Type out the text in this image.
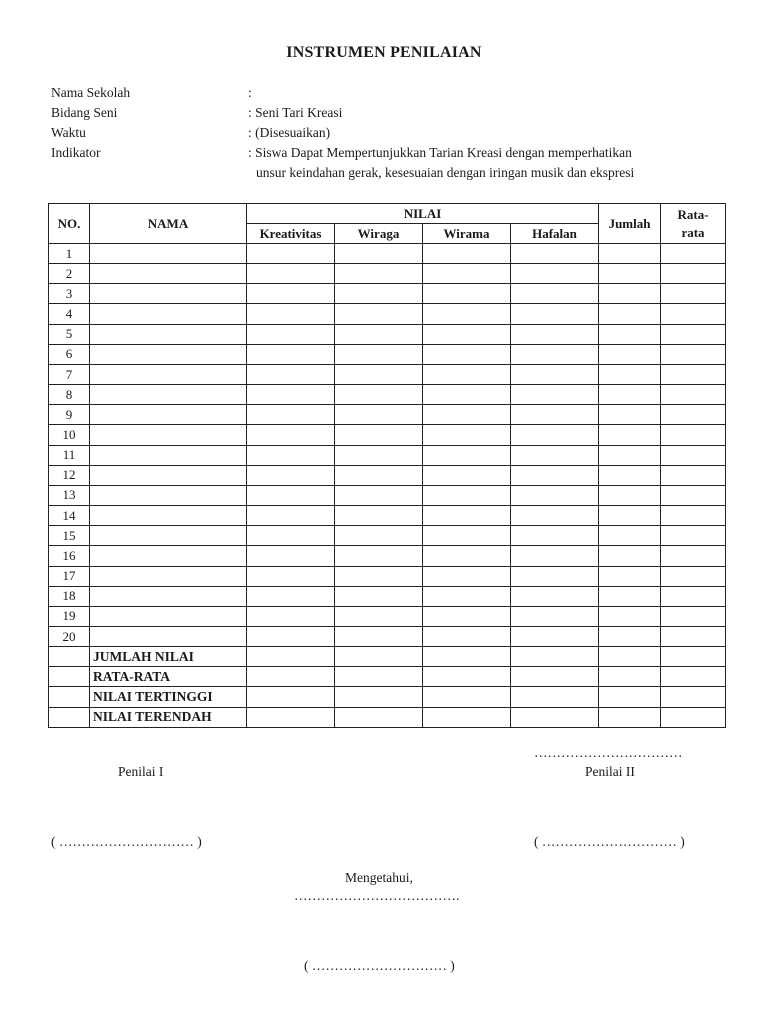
INSTRUMEN PENILAIAN
Nama Sekolah	:
Bidang Seni	: Seni Tari Kreasi
Waktu	: (Disesuaikan)
Indikator	: Siswa Dapat Mempertunjukkan Tarian Kreasi dengan memperhatikan
unsur keindahan gerak, kesesuaian dengan iringan musik dan ekspresi
NO.	NAMA	NILAI				Jumlah	Rata-
rata
		Kreativitas	Wiraga	Wirama	Hafalan		
1							
2							
3							
4							
5							
6							
7							
8							
9							
10							
11							
12							
13							
14							
15							
16							
17							
18							
19							
20							
	JUMLAH NILAI						
	RATA-RATA						
	NILAI TERTINGGI						
	NILAI TERENDAH						
……………………………
Penilai I	Penilai II
( ………………………… )	( ………………………… )
Mengetahui,
……………………………….
( ………………………… )
